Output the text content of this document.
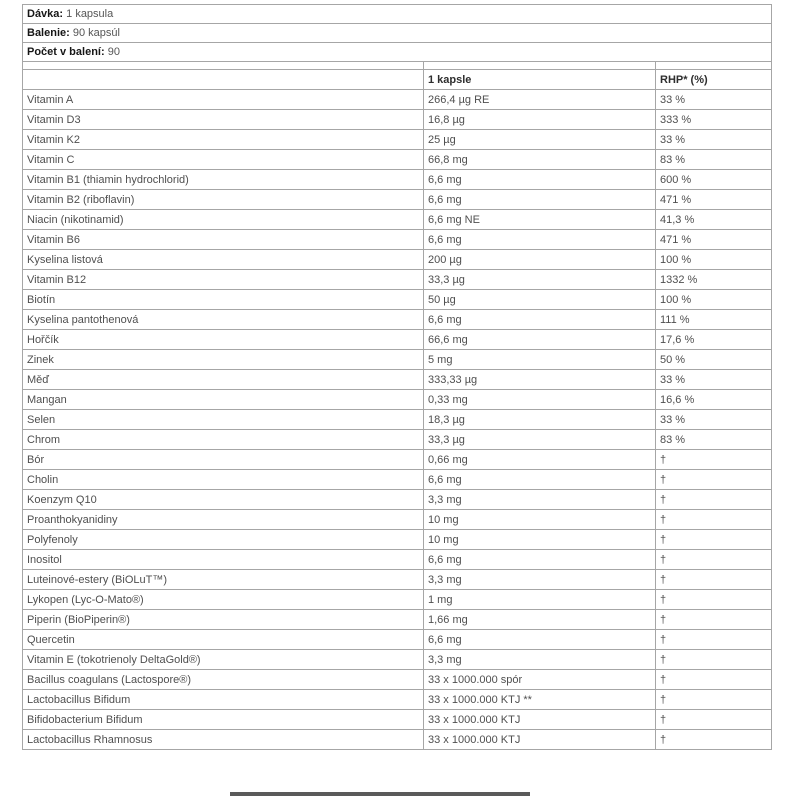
Dávka: 1 kapsula		
Balenie: 90 kapsúl		
Počet v balení: 90		

	1 kapsle	RHP* (%)
Vitamin A	266,4 µg RE	33 %
Vitamin D3	16,8 µg	333 %
Vitamin K2	25 µg	33 %
Vitamin C	66,8 mg	83 %
Vitamin B1 (thiamin hydrochlorid)	6,6 mg	600 %
Vitamin B2 (riboflavin)	6,6 mg	471 %
Niacin (nikotinamid)	6,6 mg NE	41,3 %
Vitamin B6	6,6 mg	471 %
Kyselina listová	200 µg	100 %
Vitamin B12	33,3 µg	1332 %
Biotín	50 µg	100 %
Kyselina pantothenová	6,6 mg	111 %
Hořčík	66,6 mg	17,6 %
Zinek	5 mg	50 %
Měď	333,33 µg	33 %
Mangan	0,33 mg	16,6 %
Selen	18,3 µg	33 %
Chrom	33,3 µg	83 %
Bór	0,66 mg	†
Cholin	6,6 mg	†
Koenzym Q10	3,3 mg	†
Proanthokyanidiny	10 mg	†
Polyfenoly	10 mg	†
Inositol	6,6 mg	†
Luteinové-estery (BiOLuT™)	3,3 mg	†
Lykopen (Lyc-O-Mato®)	1 mg	†
Piperin (BioPiperin®)	1,66 mg	†
Quercetin	6,6 mg	†
Vitamin E (tokotrienoly DeltaGold®)	3,3 mg	†
Bacillus coagulans (Lactospore®)	33 x 1000.000 spór	†
Lactobacillus Bifidum	33 x 1000.000 KTJ **	†
Bifidobacterium Bifidum	33 x 1000.000 KTJ	†
Lactobacillus Rhamnosus	33 x 1000.000 KTJ	†
